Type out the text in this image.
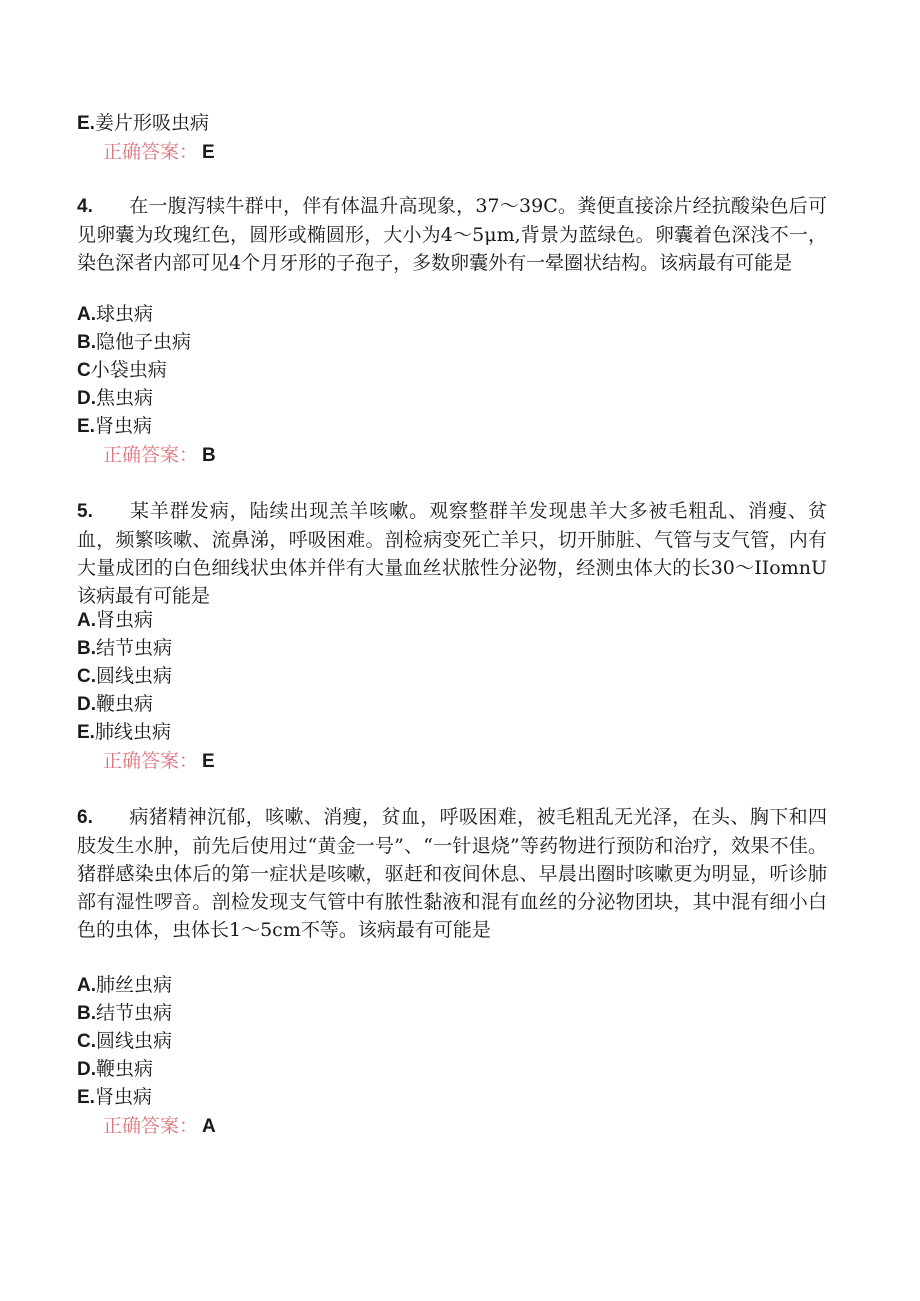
E.姜片形吸虫病
正确答案： E
4. 在一腹泻犊牛群中，伴有体温升高现象，37～39C。粪便直接涂片经抗酸染色后可见卵囊为玫瑰红色，圆形或椭圆形，大小为4～5μm,背景为蓝绿色。卵囊着色深浅不一，染色深者内部可见4个月牙形的子孢子，多数卵囊外有一晕圈状结构。该病最有可能是
A.球虫病
B.隐他子虫病
C小袋虫病
D.焦虫病
E.肾虫病
正确答案： B
5. 某羊群发病，陆续出现羔羊咳嗽。观察整群羊发现患羊大多被毛粗乱、消瘦、贫血，频繁咳嗽、流鼻涕，呼吸困难。剖检病变死亡羊只，切开肺脏、气管与支气管，内有大量成团的白色细线状虫体并伴有大量血丝状脓性分泌物，经测虫体大的长30～IIomnU该病最有可能是
A.肾虫病
B.结节虫病
C.圆线虫病
D.鞭虫病
E.肺线虫病
正确答案： E
6. 病猪精神沉郁，咳嗽、消瘦，贫血，呼吸困难，被毛粗乱无光泽，在头、胸下和四肢发生水肿，前先后使用过“黄金一号”、“一针退烧”等药物进行预防和治疗，效果不佳。猪群感染虫体后的第一症状是咳嗽，驱赶和夜间休息、早晨出圈时咳嗽更为明显，听诊肺部有湿性啰音。剖检发现支气管中有脓性黏液和混有血丝的分泌物团块，其中混有细小白色的虫体，虫体长1～5cm不等。该病最有可能是
A.肺丝虫病
B.结节虫病
C.圆线虫病
D.鞭虫病
E.肾虫病
正确答案： A
